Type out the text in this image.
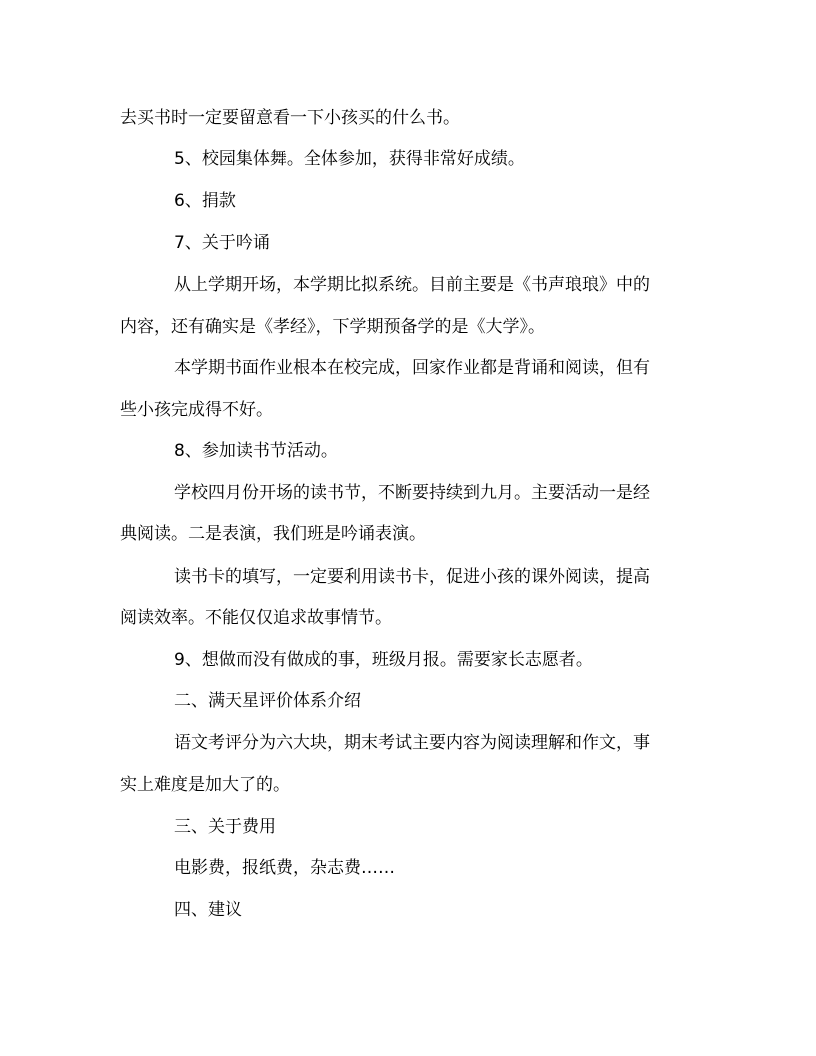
去买书时一定要留意看一下小孩买的什么书。

5、校园集体舞。全体参加，获得非常好成绩。

6、捐款

7、关于吟诵

从上学期开场，本学期比拟系统。目前主要是《书声琅琅》中的

内容，还有确实是《孝经》，下学期预备学的是《大学》。

本学期书面作业根本在校完成，回家作业都是背诵和阅读，但有

些小孩完成得不好。

8、参加读书节活动。

学校四月份开场的读书节，不断要持续到九月。主要活动一是经

典阅读。二是表演，我们班是吟诵表演。

读书卡的填写，一定要利用读书卡，促进小孩的课外阅读，提高

阅读效率。不能仅仅追求故事情节。

9、想做而没有做成的事，班级月报。需要家长志愿者。

二、满天星评价体系介绍

语文考评分为六大块，期末考试主要内容为阅读理解和作文，事

实上难度是加大了的。

三、关于费用

电影费，报纸费，杂志费……

四、建议
